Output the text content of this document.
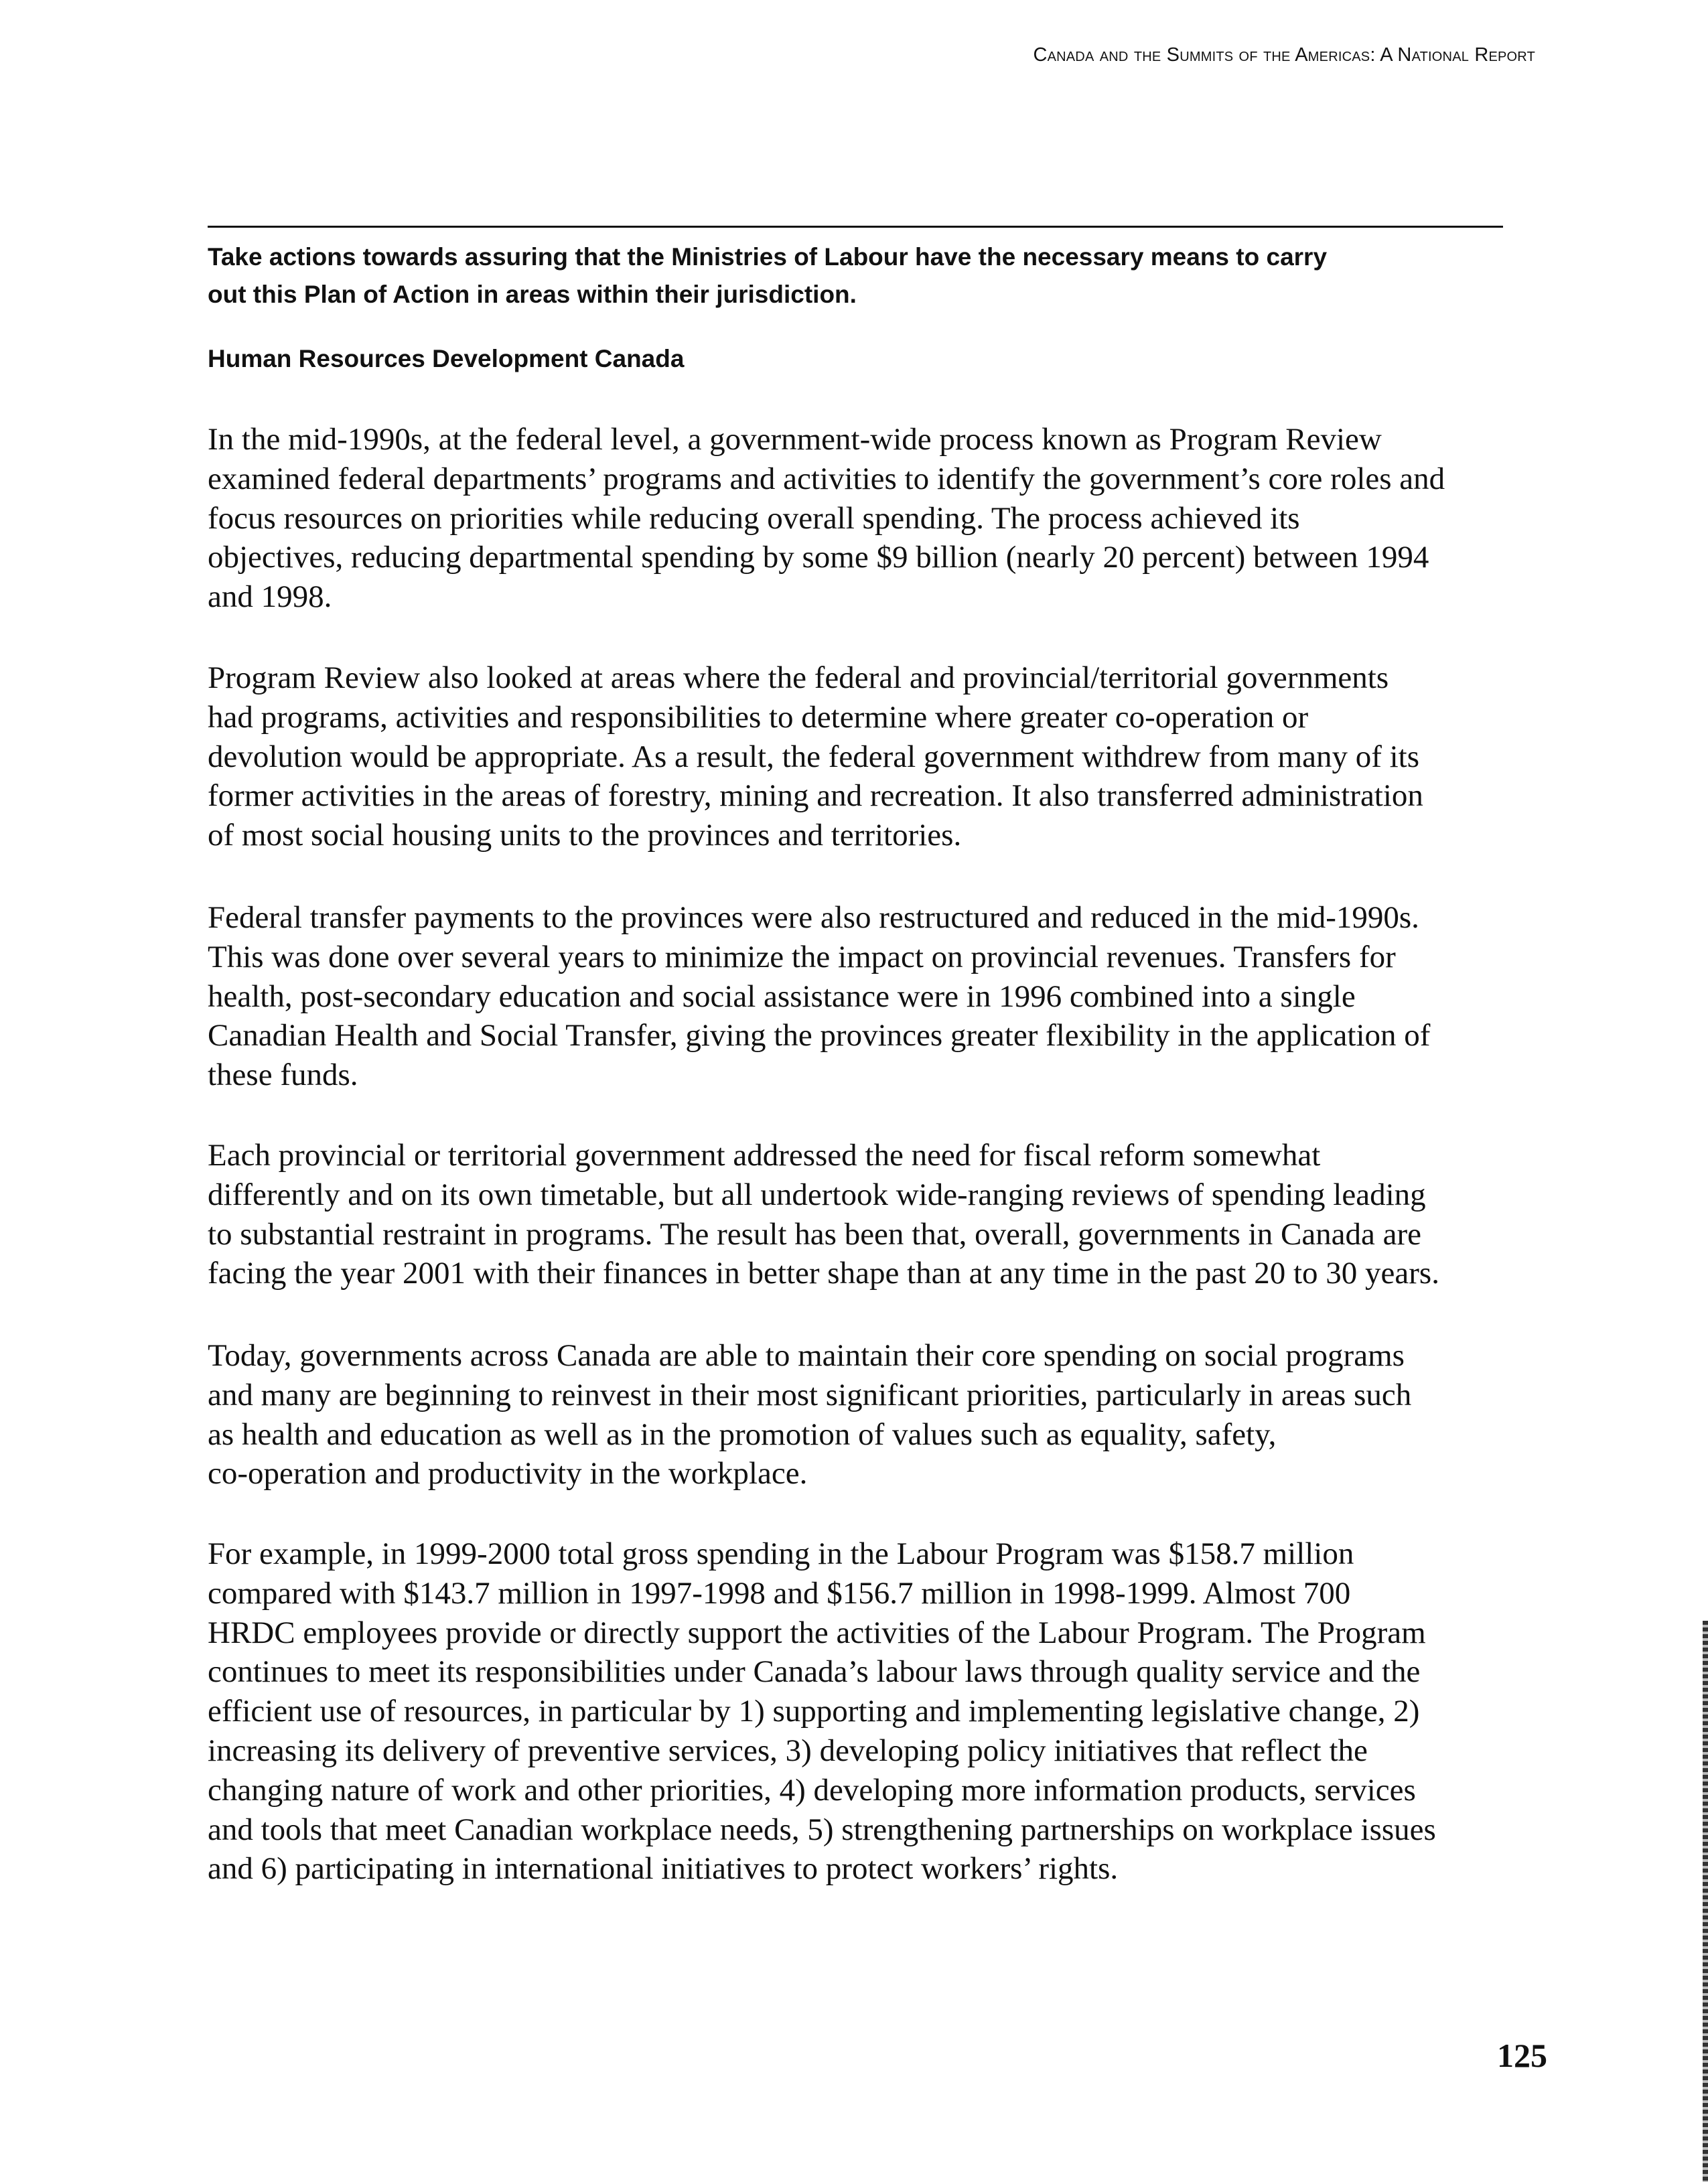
Canada and the Summits of the Americas: A National Report
Take actions towards assuring that the Ministries of Labour have the necessary means to carry
out this Plan of Action in areas within their jurisdiction.
Human Resources Development Canada
In the mid-1990s, at the federal level, a government-wide process known as Program Review
examined federal departments’ programs and activities to identify the government’s core roles and
focus resources on priorities while reducing overall spending. The process achieved its
objectives, reducing departmental spending by some $9 billion (nearly 20 percent) between 1994
and 1998.
Program Review also looked at areas where the federal and provincial/territorial governments
had programs, activities and responsibilities to determine where greater co-operation or
devolution would be appropriate. As a result, the federal government withdrew from many of its
former activities in the areas of forestry, mining and recreation. It also transferred administration
of most social housing units to the provinces and territories.
Federal transfer payments to the provinces were also restructured and reduced in the mid-1990s.
This was done over several years to minimize the impact on provincial revenues. Transfers for
health, post-secondary education and social assistance were in 1996 combined into a single
Canadian Health and Social Transfer, giving the provinces greater flexibility in the application of
these funds.
Each provincial or territorial government addressed the need for fiscal reform somewhat
differently and on its own timetable, but all undertook wide-ranging reviews of spending leading
to substantial restraint in programs. The result has been that, overall, governments in Canada are
facing the year 2001 with their finances in better shape than at any time in the past 20 to 30 years.
Today, governments across Canada are able to maintain their core spending on social programs
and many are beginning to reinvest in their most significant priorities, particularly in areas such
as health and education as well as in the promotion of values such as equality, safety,
co-operation and productivity in the workplace.
For example, in 1999-2000 total gross spending in the Labour Program was $158.7 million
compared with $143.7 million in 1997-1998 and $156.7 million in 1998-1999. Almost 700
HRDC employees provide or directly support the activities of the Labour Program. The Program
continues to meet its responsibilities under Canada’s labour laws through quality service and the
efficient use of resources, in particular by 1) supporting and implementing legislative change, 2)
increasing its delivery of preventive services, 3) developing policy initiatives that reflect the
changing nature of work and other priorities, 4) developing more information products, services
and tools that meet Canadian workplace needs, 5) strengthening partnerships on workplace issues
and 6) participating in international initiatives to protect workers’ rights.
125
